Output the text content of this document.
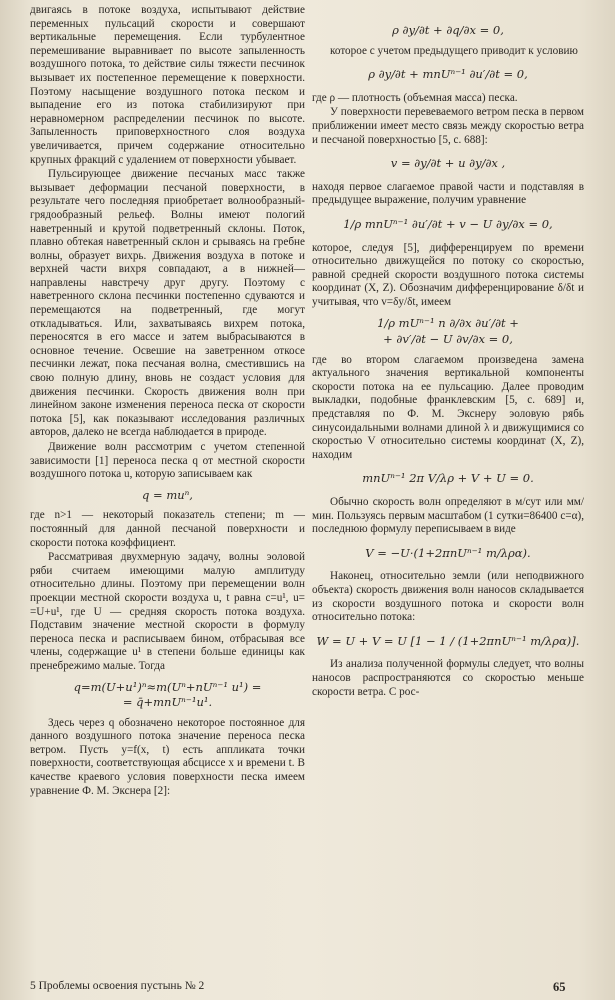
двигаясь в потоке воздуха, испытывают действие переменных пульсаций скорости и совершают вертикальные перемещения. Если турбулентное перемешивание выравнивает по высоте запыленность воздушного потока, то действие силы тяжести песчинок вызывает их постепенное перемещение к поверхности. Поэтому насыщение воздушного потока песком и выпадение его из потока стабилизируют при неравномерном распределении песчинок по высоте. Запыленность приповерхностного слоя воздуха увеличивается, причем содержание относительно крупных фракций с удалением от поверхности убывает.

Пульсирующее движение песчаных масс также вызывает деформации песчаной поверхности, в результате чего последняя приобретает волнообразный-грядообразный рельеф. Волны имеют пологий наветренный и крутой подветренный склоны. Поток, плавно обтекая наветренный склон и срываясь на гребне волны, образует вихрь. Движения воздуха в потоке и верхней части вихря совпадают, а в нижней—направлены навстречу друг другу. Поэтому с наветренного склона песчинки постепенно сдуваются и перемещаются на подветренный, где могут откладываться. Или, захватываясь вихрем потока, переносятся в его массе и затем выбрасываются в основное течение. Освешие на заветренном откосе песчинки лежат, пока песчаная волна, сместившись на свою полную длину, вновь не создаст условия для движения песчинки. Скорость движения волн при линейном законе изменения переноса песка от скорости потока [5], как показывают исследования различных авторов, далеко не всегда наблюдается в природе.

Движение волн рассмотрим с учетом степенной зависимости [1] переноса песка q от местной скорости воздушного потока u, которую записываем как

q = muⁿ,

где n>1 — некоторый показатель степени; m — постоянный для данной песчаной поверхности и скорости потока коэффициент.

Рассматривая двухмерную задачу, волны эоловой ряби считаем имеющими малую амплитуду относительно длины. Поэтому при перемещении волн проекции местной скорости воздуха u, t равна c=u¹, u= =U+u¹, где U — средняя скорость потока воздуха. Подставим значение местной скорости в формулу переноса песка и расписываем бином, отбрасывая все члены, содержащие u¹ в степени больше единицы как пренебрежимо малые. Тогда

q=m(U+u¹)ⁿ≈m(Uⁿ+nUⁿ⁻¹ u¹) =
= q̄+mnUⁿ⁻¹u¹.

Здесь через q обозначено некоторое постоянное для данного воздушного потока значение переноса песка ветром. Пусть y=f(x, t) есть аппликата точки поверхности, соответствующая абсциссе x и времени t. В качестве краевого условия поверхности песка имеем уравнение Ф. М. Экснера [2]:

ρ ∂y/∂t + ∂q/∂x = 0,

которое с учетом предыдущего приводит к условию

ρ ∂y/∂t + mnUⁿ⁻¹ ∂u′/∂t = 0,

где ρ — плотность (объемная масса) песка.

У поверхности перевеваемого ветром песка в первом приближении имеет место связь между скоростью ветра и песчаной поверхностью [5, с. 688]:

v = ∂y/∂t + u ∂y/∂x ,

находя первое слагаемое правой части и подставляя в предыдущее выражение, получим уравнение

1/ρ mnUⁿ⁻¹ ∂u′/∂t + v − U ∂y/∂x = 0,

которое, следуя [5], дифференцируем по времени относительно движущейся по потоку со скоростью, равной средней скорости воздушного потока системы координат (X, Z). Обозначим дифференцирование δ/δt и учитывая, что v=δy/δt, имеем

1/ρ mUⁿ⁻¹ n ∂/∂x ∂u′/∂t +
+ ∂v′/∂t − U ∂v/∂x = 0,

где во втором слагаемом произведена замена актуального значения вертикальной компоненты скорости потока на ее пульсацию. Далее проводим выкладки, подобные франклевским [5, с. 689] и, представляя по Ф. М. Экснеру эоловую рябь синусоидальными волнами длиной λ и движущимися со скоростью V относительно системы координат (X, Z), находим

mnUⁿ⁻¹ 2π V/λρ + V + U = 0.

Обычно скорость волн определяют в м/сут или мм/мин. Пользуясь первым масштабом (1 сутки=86400 c=α), последнюю формулу переписываем в виде

V = −U·(1+2πnUⁿ⁻¹ m/λρα).

Наконец, относительно земли (или неподвижного объекта) скорость движения волн наносов складывается из скорости воздушного потока и скорости волн относительно потока:

W = U + V = U [1 − 1 / (1+2πnUⁿ⁻¹ m/λρα)].

Из анализа полученной формулы следует, что волны наносов распространяются со скоростью меньше скорости ветра. С рос-

5 Проблемы освоения пустынь № 2	65
